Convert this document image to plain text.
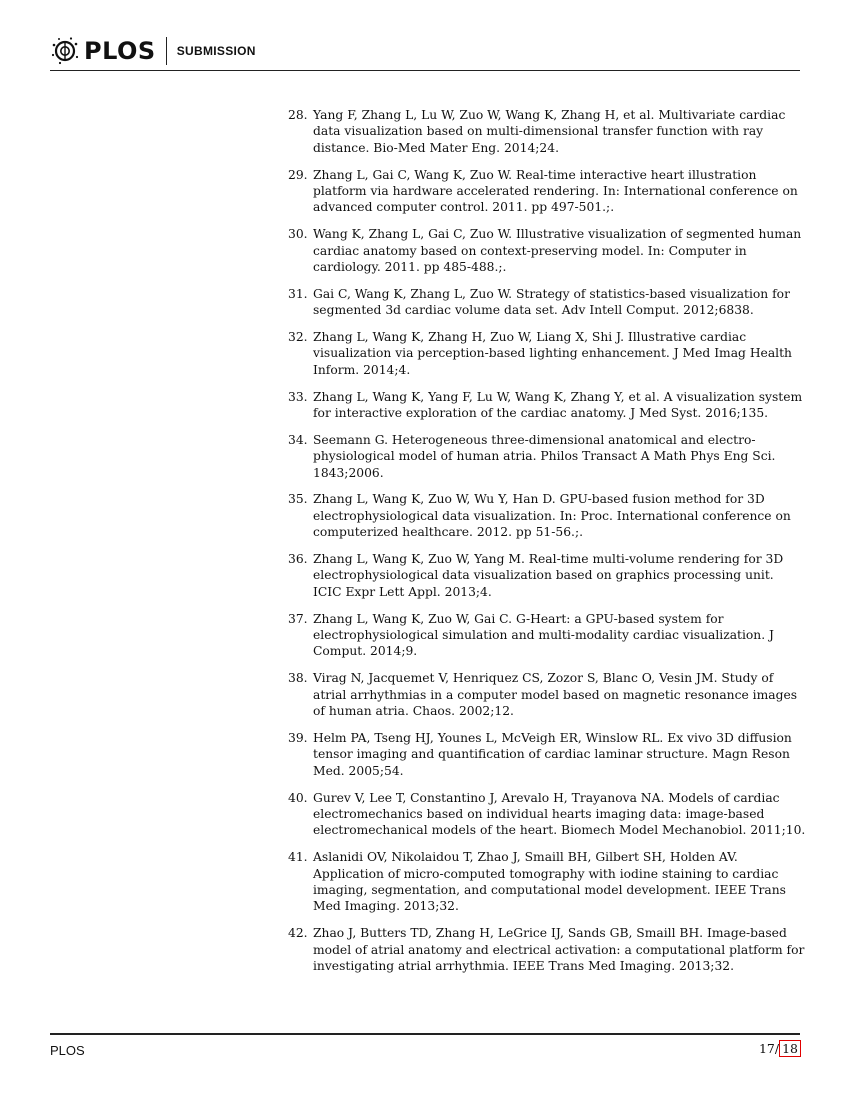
PLOS SUBMISSION
28. Yang F, Zhang L, Lu W, Zuo W, Wang K, Zhang H, et al. Multivariate cardiac data visualization based on multi-dimensional transfer function with ray distance. Bio-Med Mater Eng. 2014;24.
29. Zhang L, Gai C, Wang K, Zuo W. Real-time interactive heart illustration platform via hardware accelerated rendering. In: International conference on advanced computer control. 2011. pp 497-501.;.
30. Wang K, Zhang L, Gai C, Zuo W. Illustrative visualization of segmented human cardiac anatomy based on context-preserving model. In: Computer in cardiology. 2011. pp 485-488.;.
31. Gai C, Wang K, Zhang L, Zuo W. Strategy of statistics-based visualization for segmented 3d cardiac volume data set. Adv Intell Comput. 2012;6838.
32. Zhang L, Wang K, Zhang H, Zuo W, Liang X, Shi J. Illustrative cardiac visualization via perception-based lighting enhancement. J Med Imag Health Inform. 2014;4.
33. Zhang L, Wang K, Yang F, Lu W, Wang K, Zhang Y, et al. A visualization system for interactive exploration of the cardiac anatomy. J Med Syst. 2016;135.
34. Seemann G. Heterogeneous three-dimensional anatomical and electro-physiological model of human atria. Philos Transact A Math Phys Eng Sci. 1843;2006.
35. Zhang L, Wang K, Zuo W, Wu Y, Han D. GPU-based fusion method for 3D electrophysiological data visualization. In: Proc. International conference on computerized healthcare. 2012. pp 51-56.;.
36. Zhang L, Wang K, Zuo W, Yang M. Real-time multi-volume rendering for 3D electrophysiological data visualization based on graphics processing unit. ICIC Expr Lett Appl. 2013;4.
37. Zhang L, Wang K, Zuo W, Gai C. G-Heart: a GPU-based system for electrophysiological simulation and multi-modality cardiac visualization. J Comput. 2014;9.
38. Virag N, Jacquemet V, Henriquez CS, Zozor S, Blanc O, Vesin JM. Study of atrial arrhythmias in a computer model based on magnetic resonance images of human atria. Chaos. 2002;12.
39. Helm PA, Tseng HJ, Younes L, McVeigh ER, Winslow RL. Ex vivo 3D diffusion tensor imaging and quantification of cardiac laminar structure. Magn Reson Med. 2005;54.
40. Gurev V, Lee T, Constantino J, Arevalo H, Trayanova NA. Models of cardiac electromechanics based on individual hearts imaging data: image-based electromechanical models of the heart. Biomech Model Mechanobiol. 2011;10.
41. Aslanidi OV, Nikolaidou T, Zhao J, Smaill BH, Gilbert SH, Holden AV. Application of micro-computed tomography with iodine staining to cardiac imaging, segmentation, and computational model development. IEEE Trans Med Imaging. 2013;32.
42. Zhao J, Butters TD, Zhang H, LeGrice IJ, Sands GB, Smaill BH. Image-based model of atrial anatomy and electrical activation: a computational platform for investigating atrial arrhythmia. IEEE Trans Med Imaging. 2013;32.
PLOS	17/ 18
